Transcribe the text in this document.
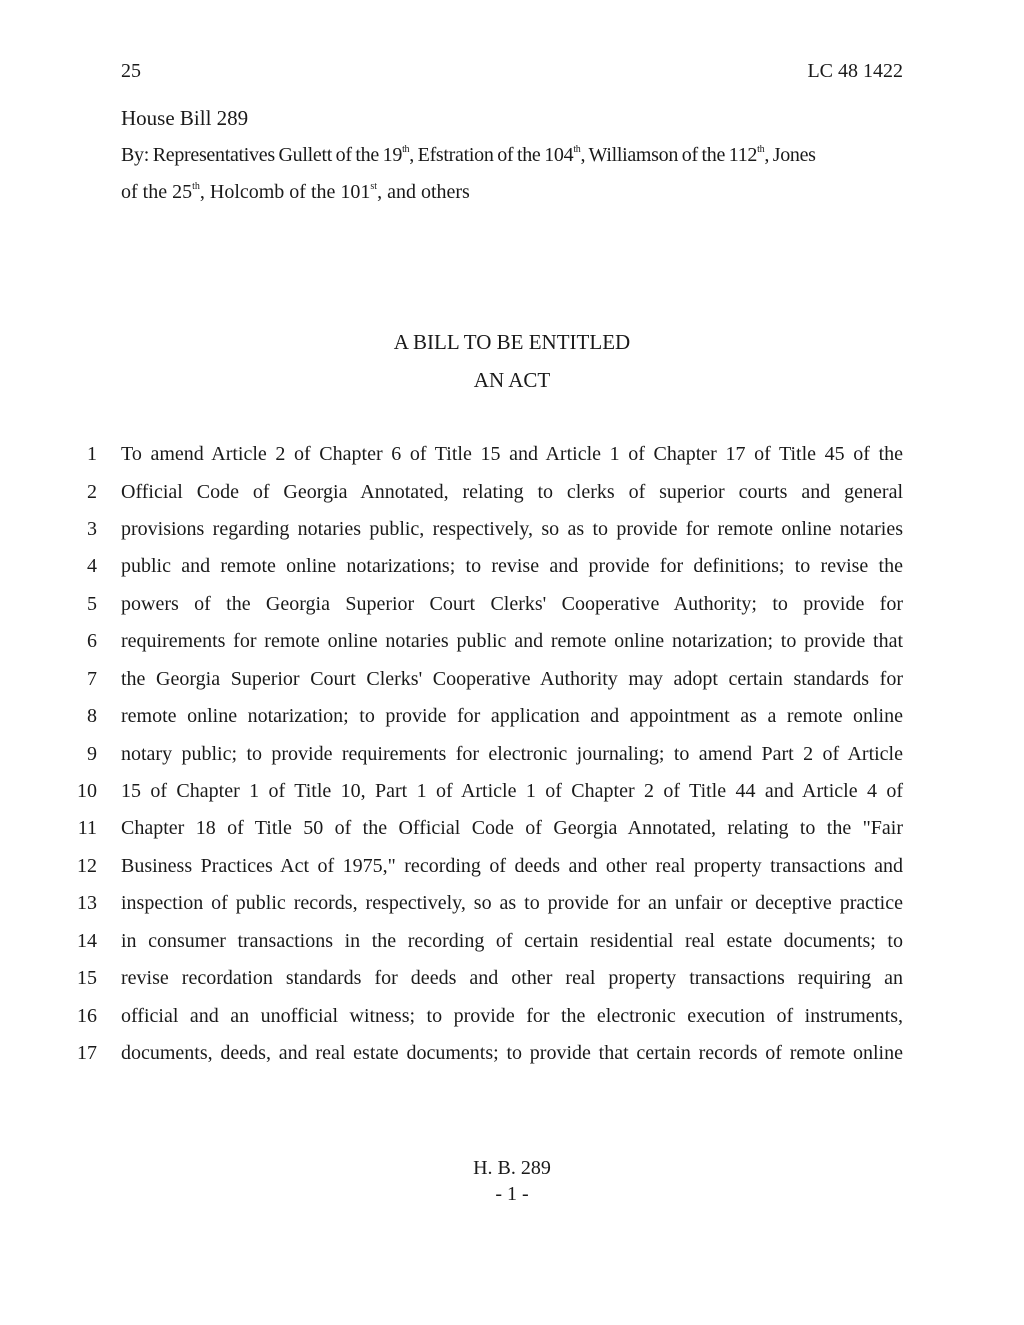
25	LC 48 1422
House Bill 289
By: Representatives Gullett of the 19th, Efstration of the 104th, Williamson of the 112th, Jones
of the 25th, Holcomb of the 101st, and others
A BILL TO BE ENTITLED
AN ACT
1
2
3
4
5
6
7
8
9
10
11
12
13
14
15
16
17
To amend Article 2 of Chapter 6 of Title 15 and Article 1 of Chapter 17 of Title 45 of the
Official Code of Georgia Annotated, relating to clerks of superior courts and general
provisions regarding notaries public, respectively, so as to provide for remote online notaries
public and remote online notarizations; to revise and provide for definitions; to revise the
powers of the Georgia Superior Court Clerks' Cooperative Authority; to provide for
requirements for remote online notaries public and remote online notarization; to provide that
the Georgia Superior Court Clerks' Cooperative Authority may adopt certain standards for
remote online notarization; to provide for application and appointment as a remote online
notary public; to provide requirements for electronic journaling; to amend Part 2 of Article
15 of Chapter 1 of Title 10, Part 1 of Article 1 of Chapter 2 of Title 44 and Article 4 of
Chapter 18 of Title 50 of the Official Code of Georgia Annotated, relating to the "Fair
Business Practices Act of 1975," recording of deeds and other real property transactions and
inspection of public records, respectively, so as to provide for an unfair or deceptive practice
in consumer transactions in the recording of certain residential real estate documents; to
revise recordation standards for deeds and other real property transactions requiring an
official and an unofficial witness; to provide for the electronic execution of instruments,
documents, deeds, and real estate documents; to provide that certain records of remote online
H. B. 289
- 1 -
